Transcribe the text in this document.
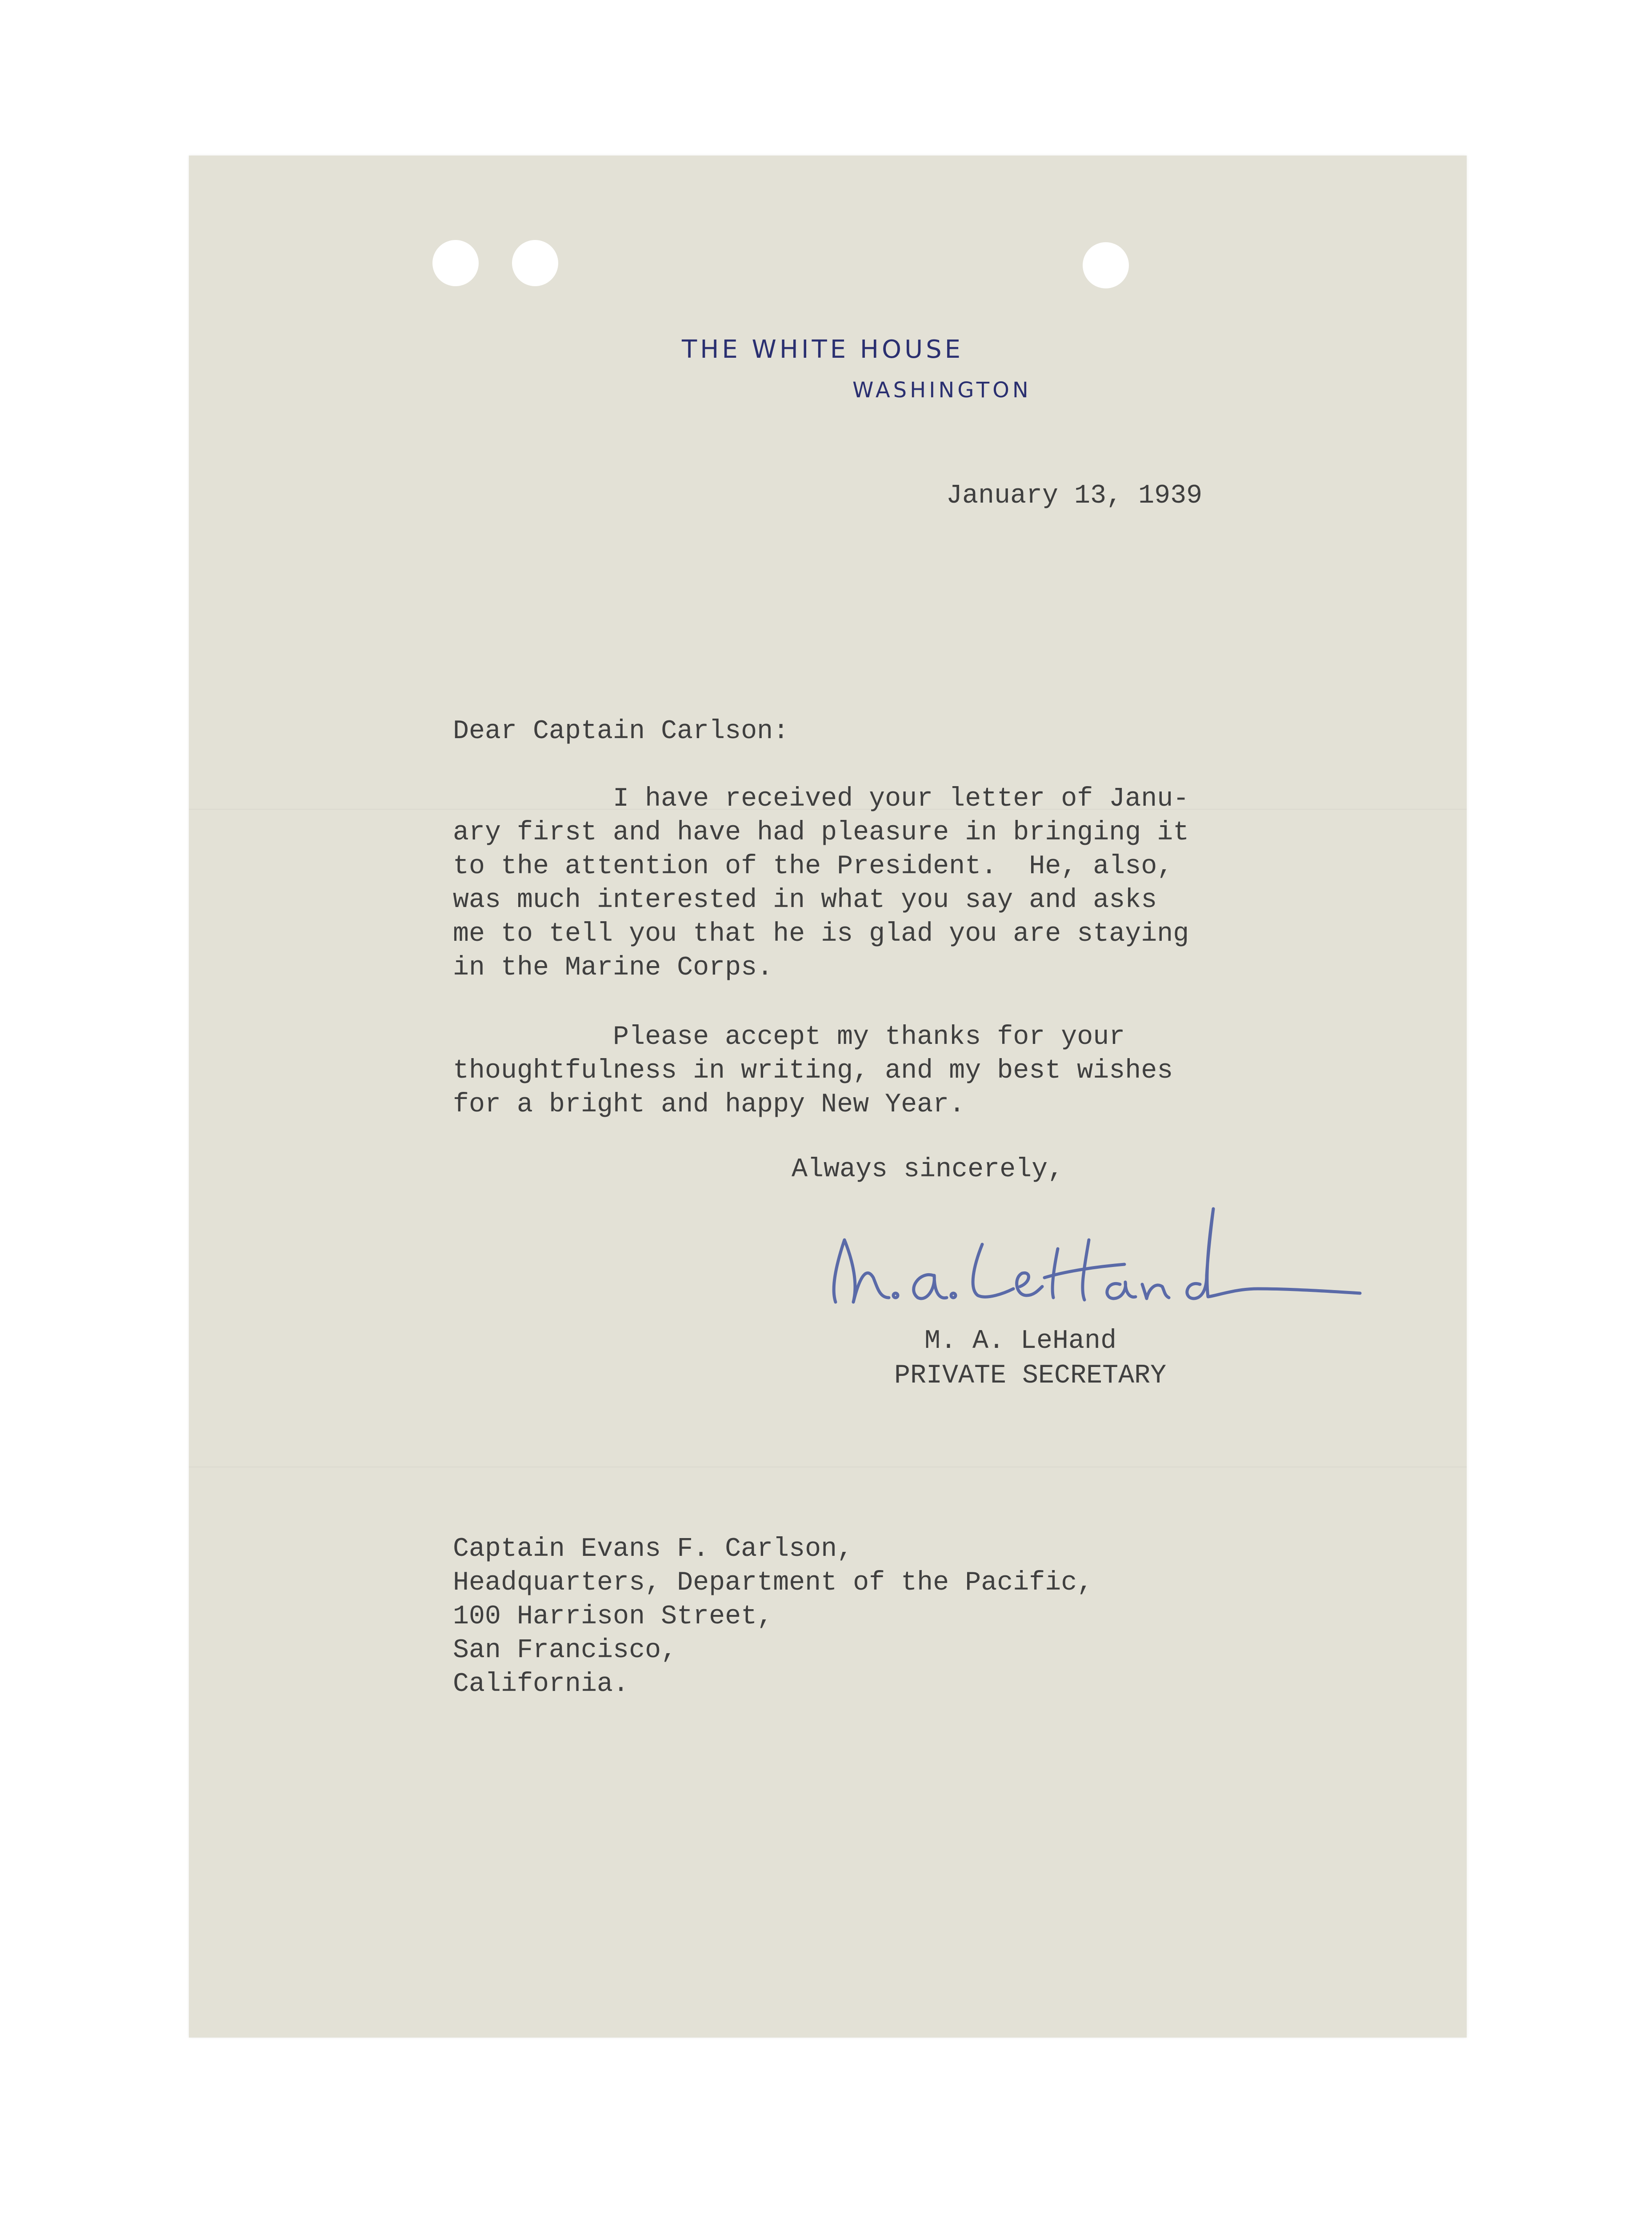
THE WHITE HOUSE
WASHINGTON
January 13, 1939
Dear Captain Carlson:
I have received your letter of Janu-
ary first and have had pleasure in bringing it
to the attention of the President.  He, also,
was much interested in what you say and asks
me to tell you that he is glad you are staying
in the Marine Corps.
Please accept my thanks for your
thoughtfulness in writing, and my best wishes
for a bright and happy New Year.
Always sincerely,
M. A. LeHand
PRIVATE SECRETARY
Captain Evans F. Carlson,
Headquarters, Department of the Pacific,
100 Harrison Street,
San Francisco,
California.
